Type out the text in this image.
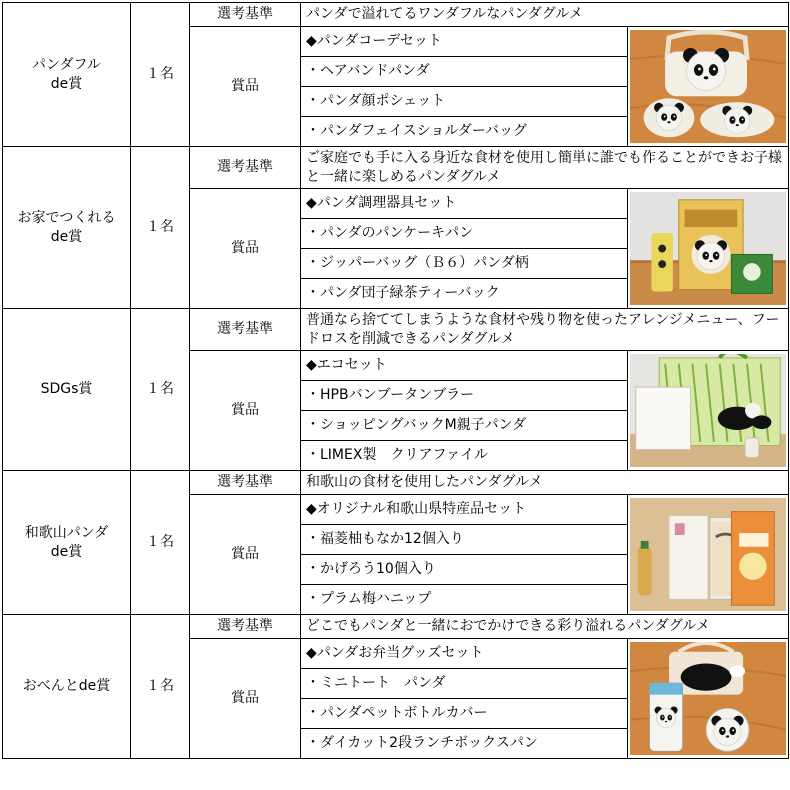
パンダフル
de賞	１名	選考基準	パンダで溢れてるワンダフルなパンダグルメ	
		賞品	◆パンダコーデセット	

			・ヘアバンドパンダ	
			・パンダ顔ポシェット	
			・パンダフェイスショルダーバッグ	
お家でつくれる
de賞	１名	選考基準	ご家庭でも手に入る身近な食材を使用し簡単に誰でも作ることができお子様と一緒に楽しめるパンダグルメ	
		賞品	◆パンダ調理器具セット	

			・パンダのパンケーキパン	
			・ジッパーバッグ（Ｂ６）パンダ柄	
			・パンダ団子緑茶ティーバック	
SDGs賞	１名	選考基準	普通なら捨ててしまうような食材や残り物を使ったアレンジメニュー、フードロスを削減できるパンダグルメ	
		賞品	◆エコセット	

			・HPBバンブータンブラー	
			・ショッピングバックM親子パンダ	
			・LIMEX製　クリアファイル	
和歌山パンダ
de賞	１名	選考基準	和歌山の食材を使用したパンダグルメ	
		賞品	◆オリジナル和歌山県特産品セット	

			・福菱柚もなか12個入り	
			・かげろう10個入り	
			・プラム梅ハニップ	
おべんとde賞	１名	選考基準	どこでもパンダと一緒におでかけできる彩り溢れるパンダグルメ	
		賞品	◆パンダお弁当グッズセット	

			・ミニトート　パンダ	
			・パンダペットボトルカバー	
			・ダイカット2段ランチボックスパン	
